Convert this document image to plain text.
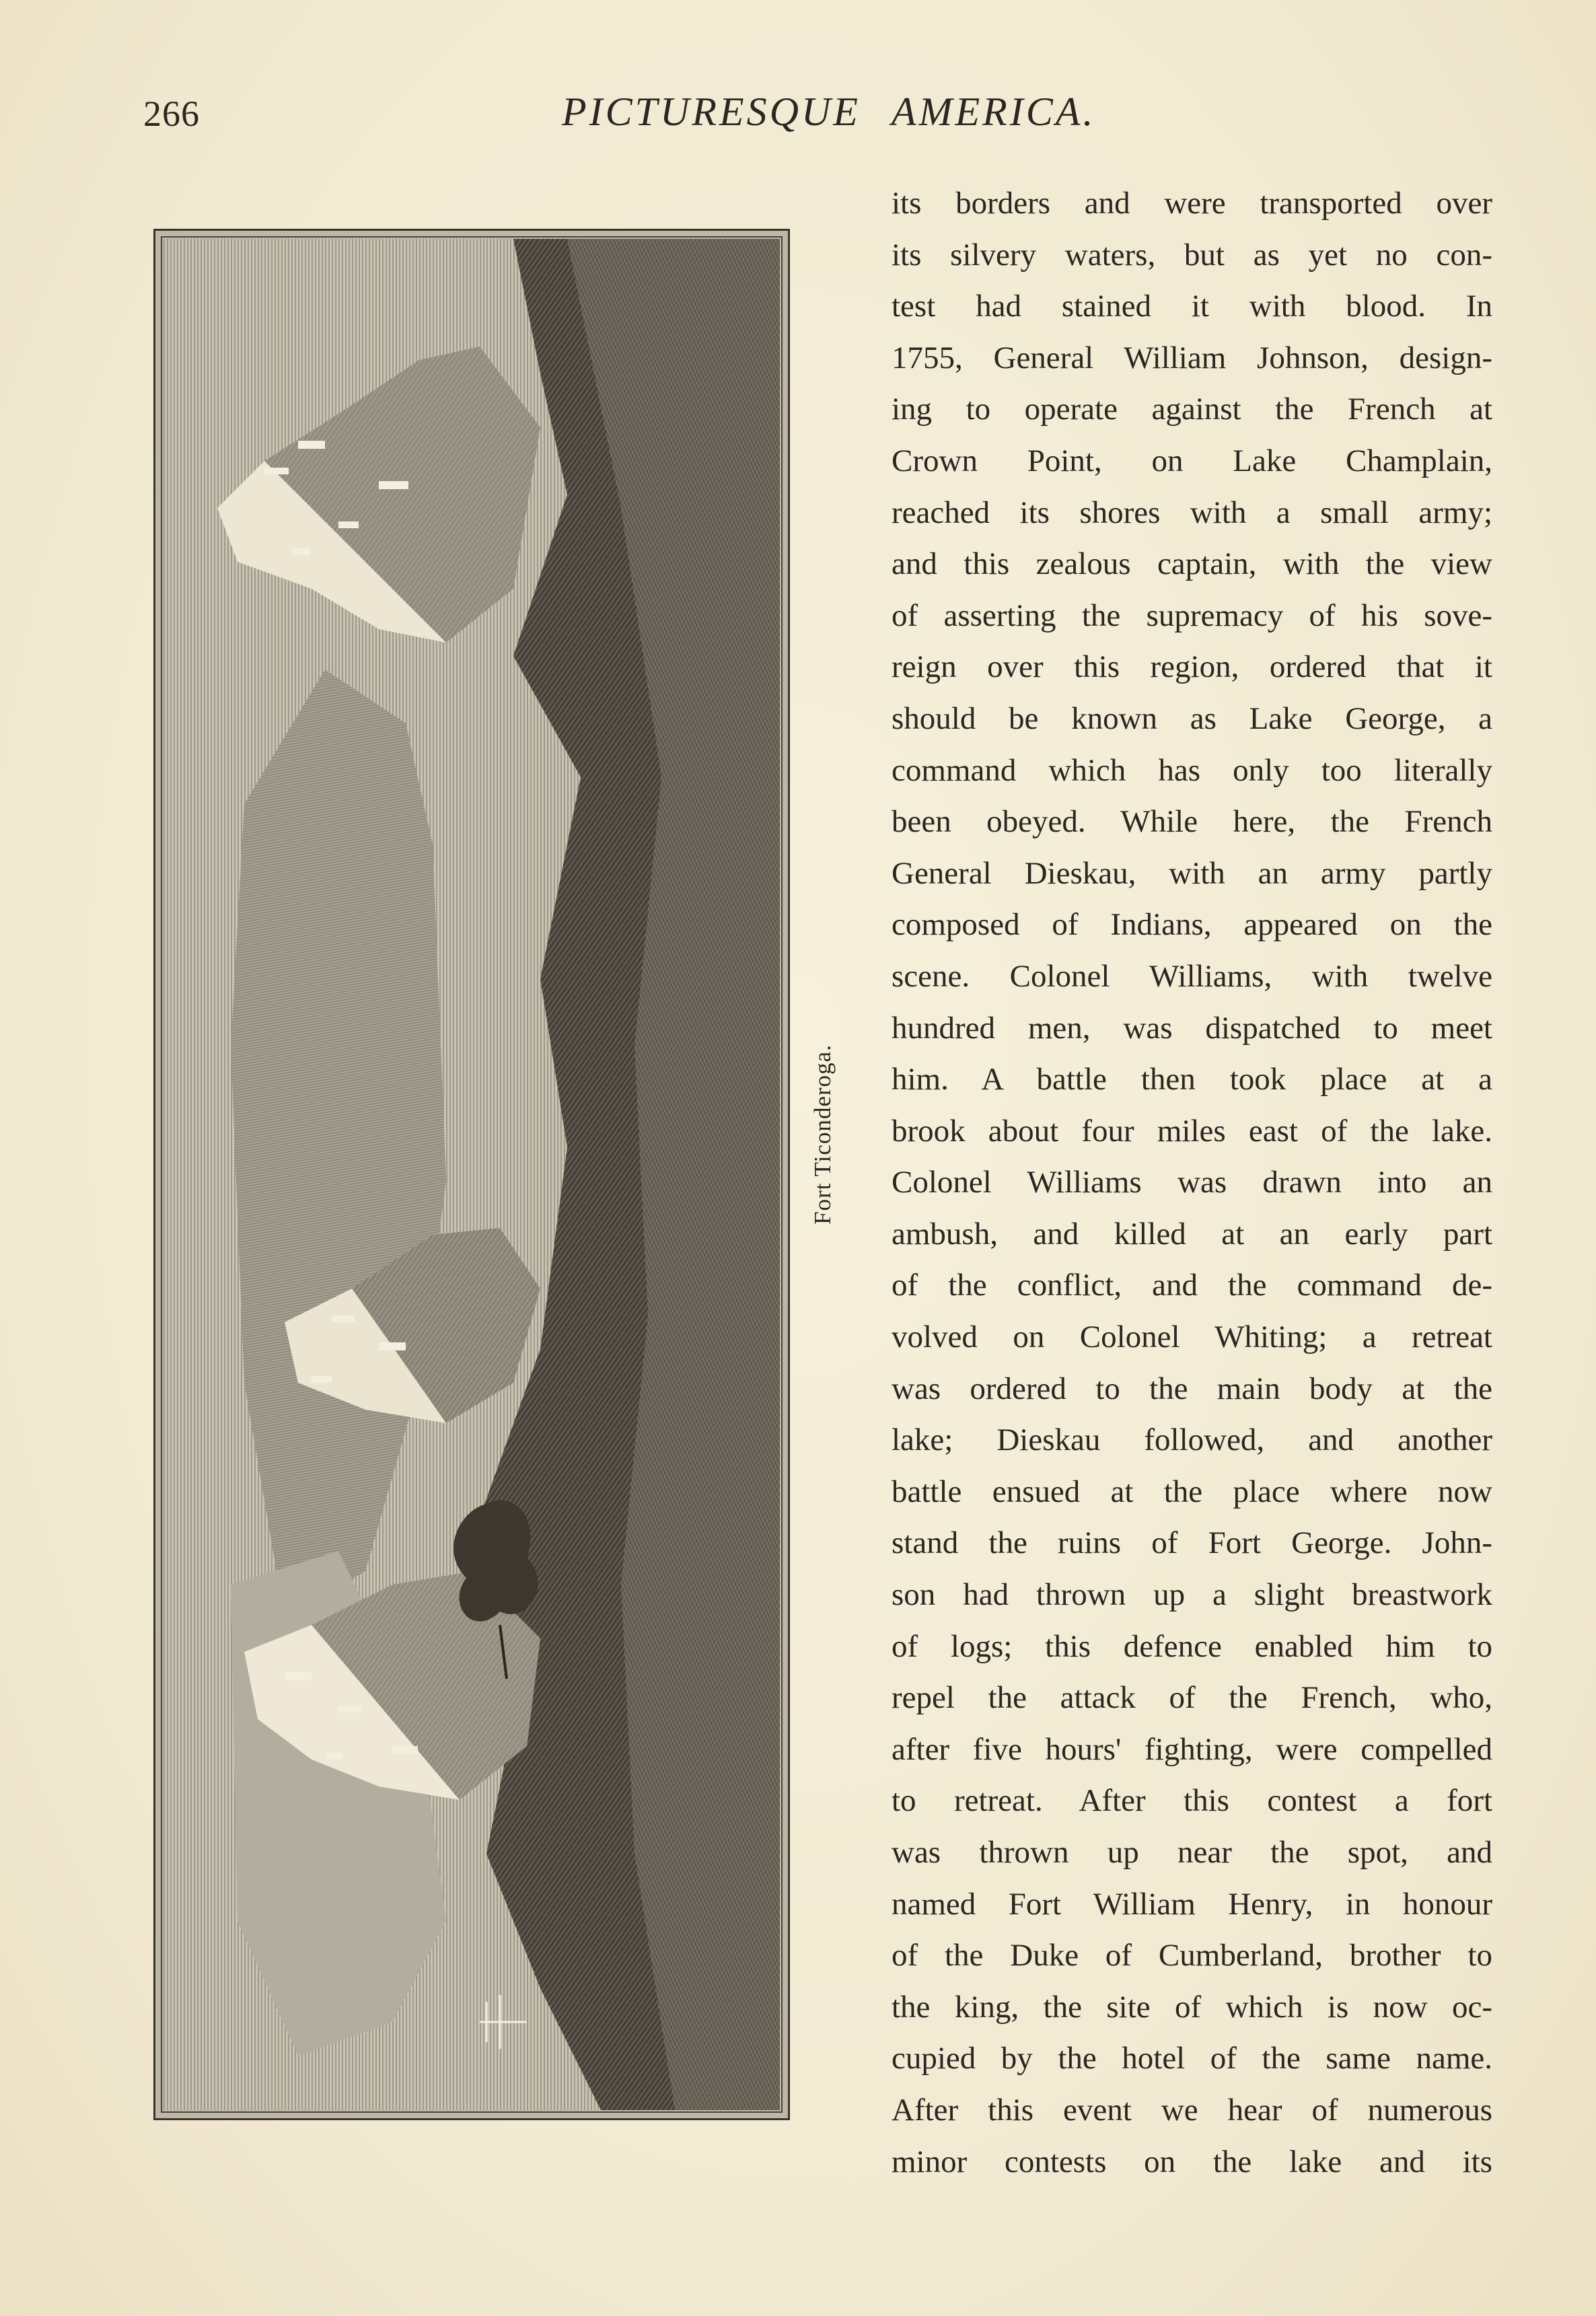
266	PICTURESQUE AMERICA.
Fort Ticonderoga.
its borders and were transported over
its silvery waters, but as yet no con-
test had stained it with blood. In
1755, General William Johnson, design-
ing to operate against the French at
Crown Point, on Lake Champlain,
reached its shores with a small army;
and this zealous captain, with the view
of asserting the supremacy of his sove-
reign over this region, ordered that it
should be known as Lake George, a
command which has only too literally
been obeyed. While here, the French
General Dieskau, with an army partly
composed of Indians, appeared on the
scene. Colonel Williams, with twelve
hundred men, was dispatched to meet
him. A battle then took place at a
brook about four miles east of the lake.
Colonel Williams was drawn into an
ambush, and killed at an early part
of the conflict, and the command de-
volved on Colonel Whiting; a retreat
was ordered to the main body at the
lake; Dieskau followed, and another
battle ensued at the place where now
stand the ruins of Fort George. John-
son had thrown up a slight breastwork
of logs; this defence enabled him to
repel the attack of the French, who,
after five hours' fighting, were compelled
to retreat. After this contest a fort
was thrown up near the spot, and
named Fort William Henry, in honour
of the Duke of Cumberland, brother to
the king, the site of which is now oc-
cupied by the hotel of the same name.
After this event we hear of numerous
minor contests on the lake and its
